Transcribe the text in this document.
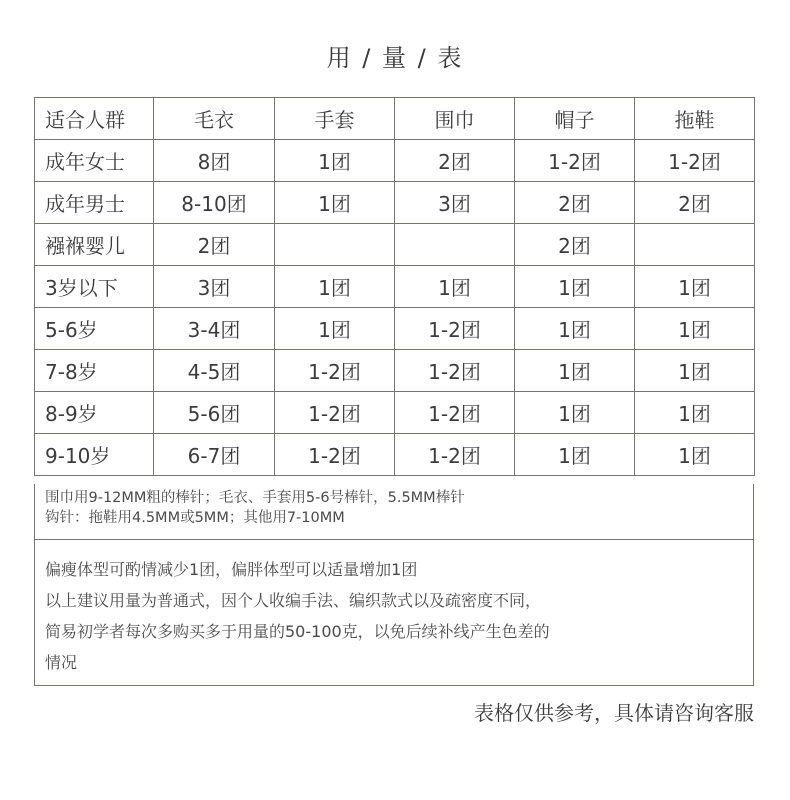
用 / 量 / 表
适合人群	毛衣	手套	围巾	帽子	拖鞋
成年女士	8团	1团	2团	1-2团	1-2团
成年男士	8-10团	1团	3团	2团	2团
襁褓婴儿	2团			2团	
3岁以下	3团	1团	1团	1团	1团
5-6岁	3-4团	1团	1-2团	1团	1团
7-8岁	4-5团	1-2团	1-2团	1团	1团
8-9岁	5-6团	1-2团	1-2团	1团	1团
9-10岁	6-7团	1-2团	1-2团	1团	1团
围巾用9-12MM粗的棒针；毛衣、手套用5-6号棒针，5.5MM棒针
钩针：拖鞋用4.5MM或5MM；其他用7-10MM
偏瘦体型可酌情减少1团，偏胖体型可以适量增加1团
以上建议用量为普通式，因个人收编手法、编织款式以及疏密度不同，
简易初学者每次多购买多于用量的50-100克，以免后续补线产生色差的
情况
表格仅供参考，具体请咨询客服
